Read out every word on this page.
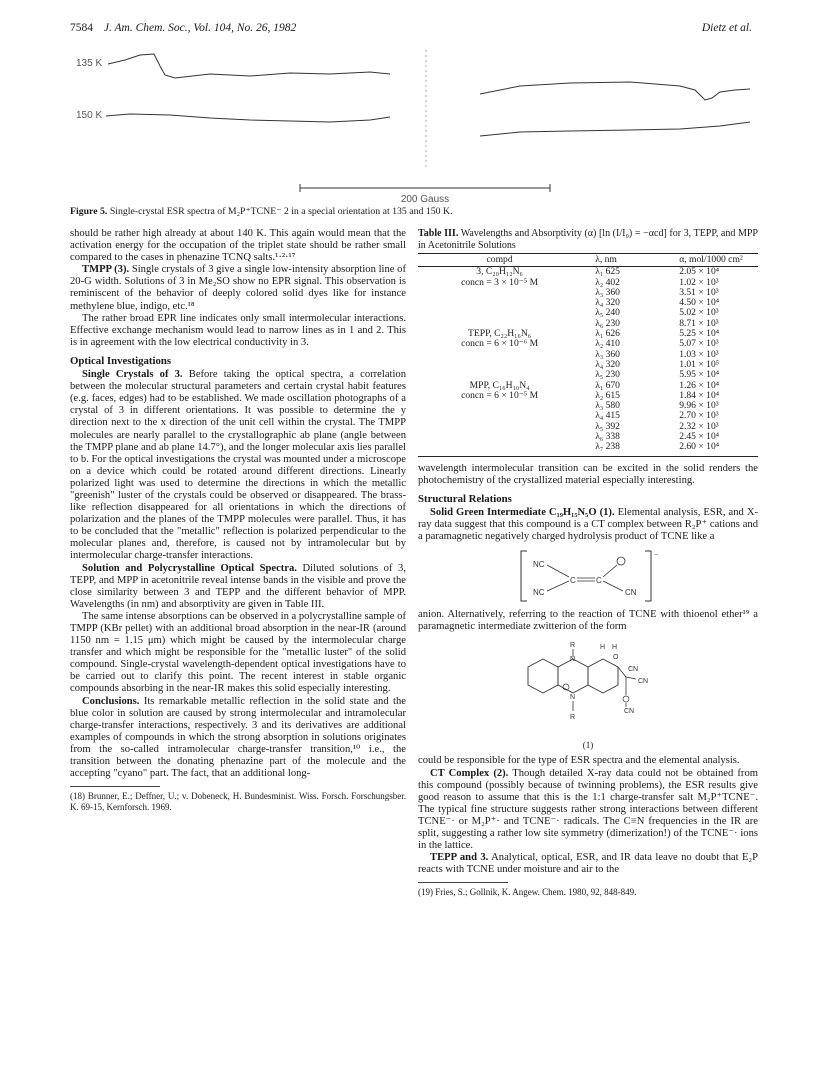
7584 J. Am. Chem. Soc., Vol. 104, No. 26, 1982	Dietz et al.
135 K
150 K
200 Gauss
Figure 5. Single-crystal ESR spectra of M₂P⁺TCNE⁻ 2 in a special orientation at 135 and 150 K.

should be rather high already at about 140 K. This again would mean that the activation energy for the occupation of the triplet state should be rather small compared to the cases in phenazine TCNQ salts.¹·²·¹⁷

TMPP (3). Single crystals of 3 give a single low-intensity absorption line of 20-G width. Solutions of 3 in Me₂SO show no EPR signal. This observation is reminiscent of the behavior of deeply colored solid dyes like for instance methylene blue, indigo, etc.¹⁸

The rather broad EPR line indicates only small intermolecular interactions. Effective exchange mechanism would lead to narrow lines as in 1 and 2. This is in agreement with the low electrical conductivity in 3.

Optical Investigations

Single Crystals of 3. Before taking the optical spectra, a correlation between the molecular structural parameters and certain crystal habit features (e.g. faces, edges) had to be established. We made oscillation photographs of a crystal of 3 in different orientations. It was possible to determine the y direction next to the x direction of the unit cell within the crystal. The TMPP molecules are nearly parallel to the crystallographic ab plane (angle between the TMPP plane and ab plane 14.7°), and the longer molecular axis lies parallel to b. For the optical investigations the crystal was mounted under a microscope on a device which could be rotated around different directions. Linearly polarized light was used to determine the directions in which the metallic "greenish" luster of the crystals could be observed or disappeared. The brass-like reflection disappeared for all orientations in which the directions of polarization and the planes of the TMPP molecules were parallel. Thus, it has to be concluded that the "metallic" reflection is polarized perpendicular to the molecular planes and, therefore, is caused not by intramolecular but by intermolecular charge-transfer interactions.

Solution and Polycrystalline Optical Spectra. Diluted solutions of 3, TEPP, and MPP in acetonitrile reveal intense bands in the visible and prove the close similarity between 3 and TEPP and the different behavior of MPP. Wavelengths (in nm) and absorptivity are given in Table III.

The same intense absorptions can be observed in a polycrystalline sample of TMPP (KBr pellet) with an additional broad absorption in the near-IR (around 1150 nm = 1.15 μm) which might be caused by the intermolecular charge transfer and which might be responsible for the "metallic luster" of the solid compound. Single-crystal wavelength-dependent optical investigations have to be carried out to clarify this point. The recent interest in stable organic compounds absorbing in the near-IR makes this solid especially interesting.

Conclusions. Its remarkable metallic reflection in the solid state and the blue color in solution are caused by strong intermolecular and intramolecular charge-transfer interactions, respectively. 3 and its derivatives are additional examples of compounds in which the strong absorption in solutions originates from the so-called intramolecular charge-transfer transition,¹⁰ i.e., the transition between the donating phenazine part of the molecule and the accepting "cyano" part. The fact, that an additional long-

(18) Brunner, E.; Deffner, U.; v. Dobeneck, H. Bundesminist. Wiss. Forsch. Forschungsber. K. 69-15, Kernforsch. 1969.

Table III. Wavelengths and Absorptivity (α) [ln (I/I₀) = −αcd] for 3, TEPP, and MPP in Acetonitrile Solutions

compd	λ, nm	α, mol/1000 cm²
3, C₂₀H₁₂N₆	λ₁ 625	2.05 × 10⁴
concn = 3 × 10⁻⁵ M	λ₂ 402	1.02 × 10³
	λ₃ 360	3.51 × 10³
	λ₄ 320	4.50 × 10⁴
	λ₅ 240	5.02 × 10³
	λ₆ 230	8.71 × 10³
TEPP, C₂₂H₁₆N₆	λ₁ 626	5.25 × 10⁴
concn = 6 × 10⁻⁶ M	λ₂ 410	5.07 × 10³
	λ₃ 360	1.03 × 10³
	λ₄ 320	1.01 × 10⁵
	λ₅ 230	5.95 × 10⁴
MPP, C₁₆H₁₀N₄	λ₁ 670	1.26 × 10⁴
concn = 6 × 10⁻⁵ M	λ₂ 615	1.84 × 10⁴
	λ₃ 580	9.96 × 10³
	λ₄ 415	2.70 × 10³
	λ₅ 392	2.32 × 10³
	λ₆ 338	2.45 × 10⁴
	λ₇ 238	2.60 × 10⁴

wavelength intermolecular transition can be excited in the solid renders the photochemistry of the crystallized material especially interesting.

Structural Relations

Solid Green Intermediate C₁₉H₁₅N₅O (1). Elemental analysis, ESR, and X-ray data suggest that this compound is a CT complex between R₂P⁺ cations and a paramagnetic negatively charged hydrolysis product of TCNE like a

−
NC
NC	CN
C	C

anion. Alternatively, referring to the reaction of TCNE with thioenol ether¹⁹ a paramagnetic intermediate zwitterion of the form

R	H H
O
CN
CN
CN
R
N
N
(1)

could be responsible for the type of ESR spectra and the elemental analysis.

CT Complex (2). Though detailed X-ray data could not be obtained from this compound (possibly because of twinning problems), the ESR results give good reason to assume that this is the 1:1 charge-transfer salt M₂P⁺TCNE⁻. The typical fine structure suggests rather strong interactions between different TCNE⁻· or M₂P⁺· and TCNE⁻· radicals. The C≡N frequencies in the IR are split, suggesting a rather low site symmetry (dimerization!) of the TCNE⁻· ions in the lattice.

TEPP and 3. Analytical, optical, ESR, and IR data leave no doubt that E₂P reacts with TCNE under moisture and air to the

(19) Fries, S.; Gollnik, K. Angew. Chem. 1980, 92, 848-849.
